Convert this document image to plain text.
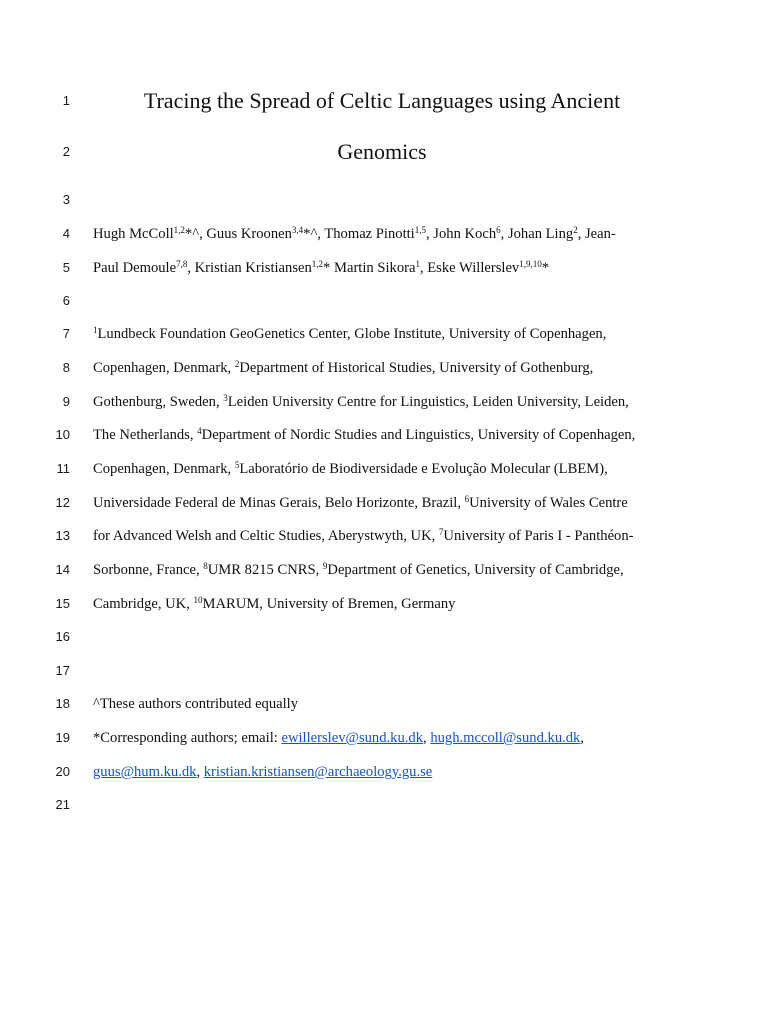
1	Tracing the Spread of Celtic Languages using Ancient
2	Genomics
3
4 Hugh McColl$^{1,2}$*^, Guus Kroonen$^{3,4}$*^, Thomaz Pinotti$^{1,5}$, John Koch$^6$, Johan Ling$^2$, Jean-
5 Paul Demoule$^{7,8}$, Kristian Kristiansen$^{1,2}$* Martin Sikora$^1$, Eske Willerslev$^{1,9,10}$*
6
7	$^1$Lundbeck Foundation GeoGenetics Center, Globe Institute, University of Copenhagen,
8 Copenhagen, Denmark, $^2$Department of Historical Studies, University of Gothenburg,
9 Gothenburg, Sweden, $^3$Leiden University Centre for Linguistics, Leiden University, Leiden,
10 The Netherlands, $^4$Department of Nordic Studies and Linguistics, University of Copenhagen,
11 Copenhagen, Denmark, $^5$Laboratório de Biodiversidade e Evolução Molecular (LBEM),
12 Universidade Federal de Minas Gerais, Belo Horizonte, Brazil, $^6$University of Wales Centre
13 for Advanced Welsh and Celtic Studies, Aberystwyth, UK, $^7$University of Paris I - Panthéon-
14 Sorbonne, France, $^8$UMR 8215 CNRS, $^9$Department of Genetics, University of Cambridge,
15 Cambridge, UK, $^{10}$MARUM, University of Bremen, Germany
16
17
18 ^These authors contributed equally
19 *Corresponding authors; email: ewillerslev@sund.ku.dk, hugh.mccoll@sund.ku.dk,
20 guus@hum.ku.dk, kristian.kristiansen@archaeology.gu.se
21
